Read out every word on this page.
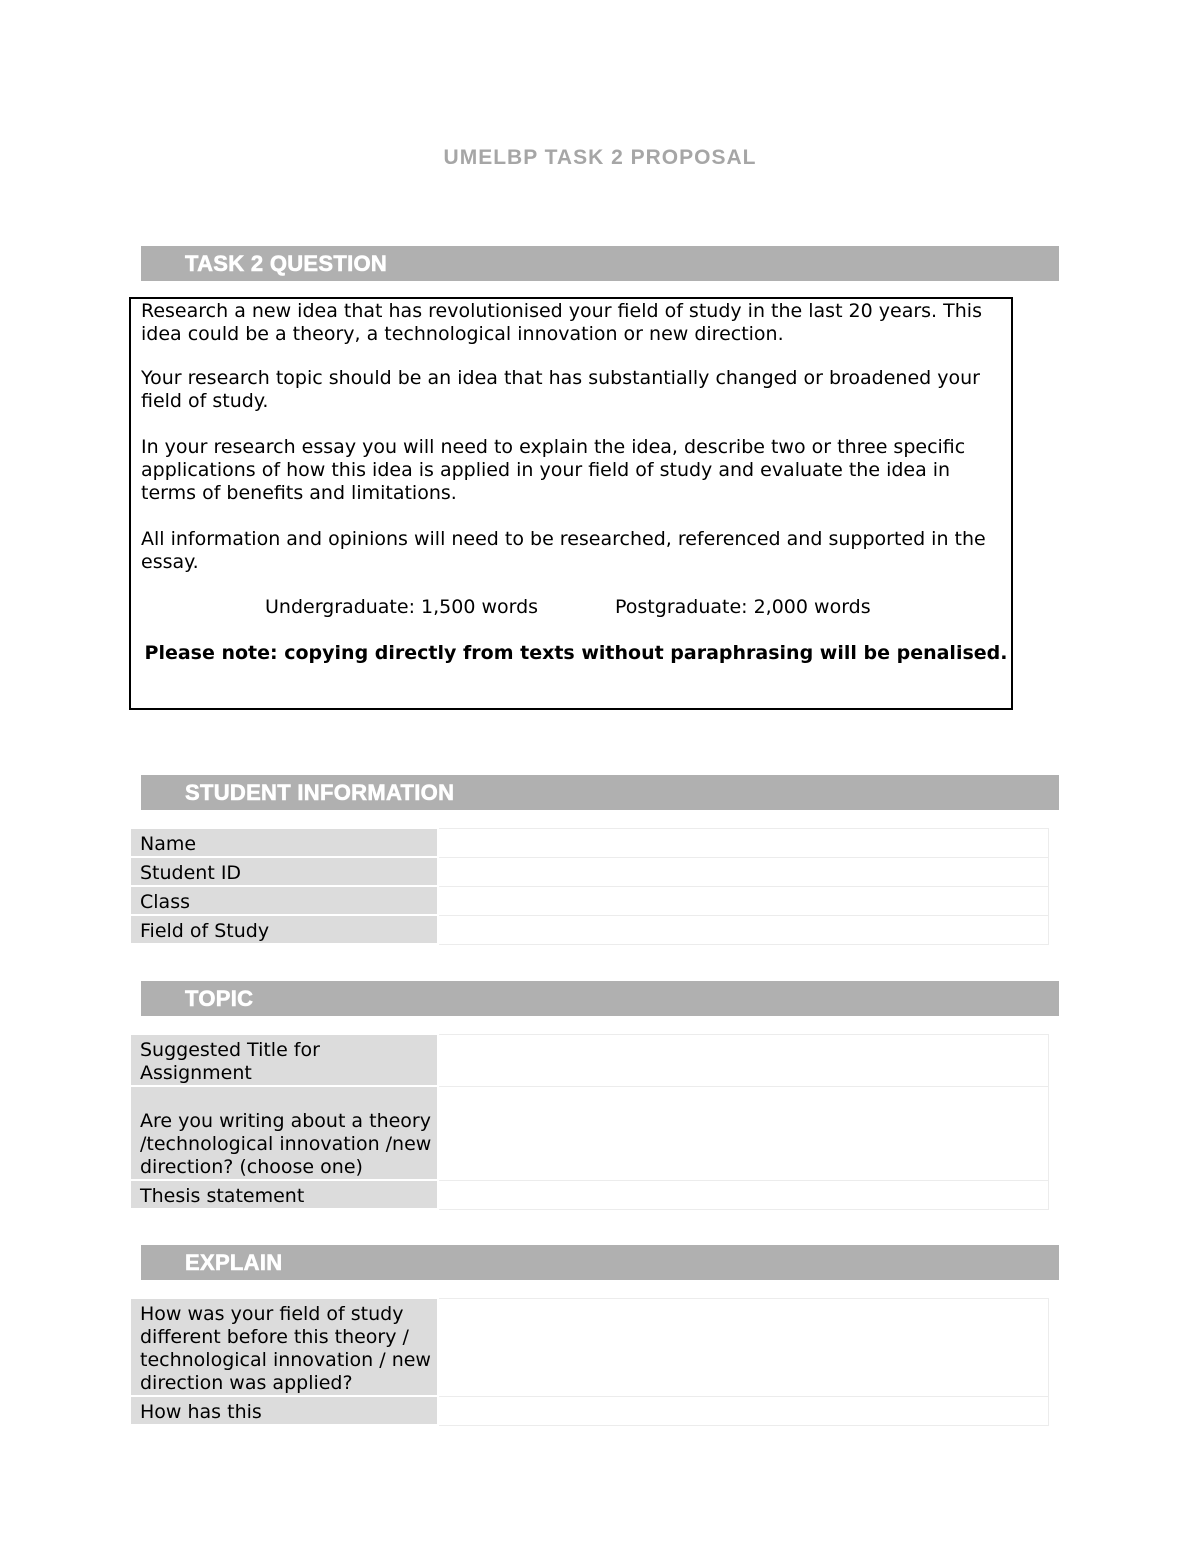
UMELBP TASK 2 PROPOSAL
TASK 2 QUESTION
Research a new idea that has revolutionised your field of study in the last 20 years. This idea could be a theory, a technological innovation or new direction.
Your research topic should be an idea that has substantially changed or broadened your field of study.
In your research essay you will need to explain the idea, describe two or three specific applications of how this idea is applied in your field of study and evaluate the idea in terms of benefits and limitations.
All information and opinions will need to be researched, referenced and supported in the essay.
Undergraduate: 1,500 words	Postgraduate: 2,000 words
Please note: copying directly from texts without paraphrasing will be penalised.
STUDENT INFORMATION
Name	
Student ID	
Class	
Field of Study	
TOPIC
Suggested Title for Assignment	
Are you writing about a theory /technological innovation /new direction? (choose one)	
Thesis statement	
EXPLAIN
How was your field of study different before this theory / technological innovation / new direction was applied?	
How has this	
